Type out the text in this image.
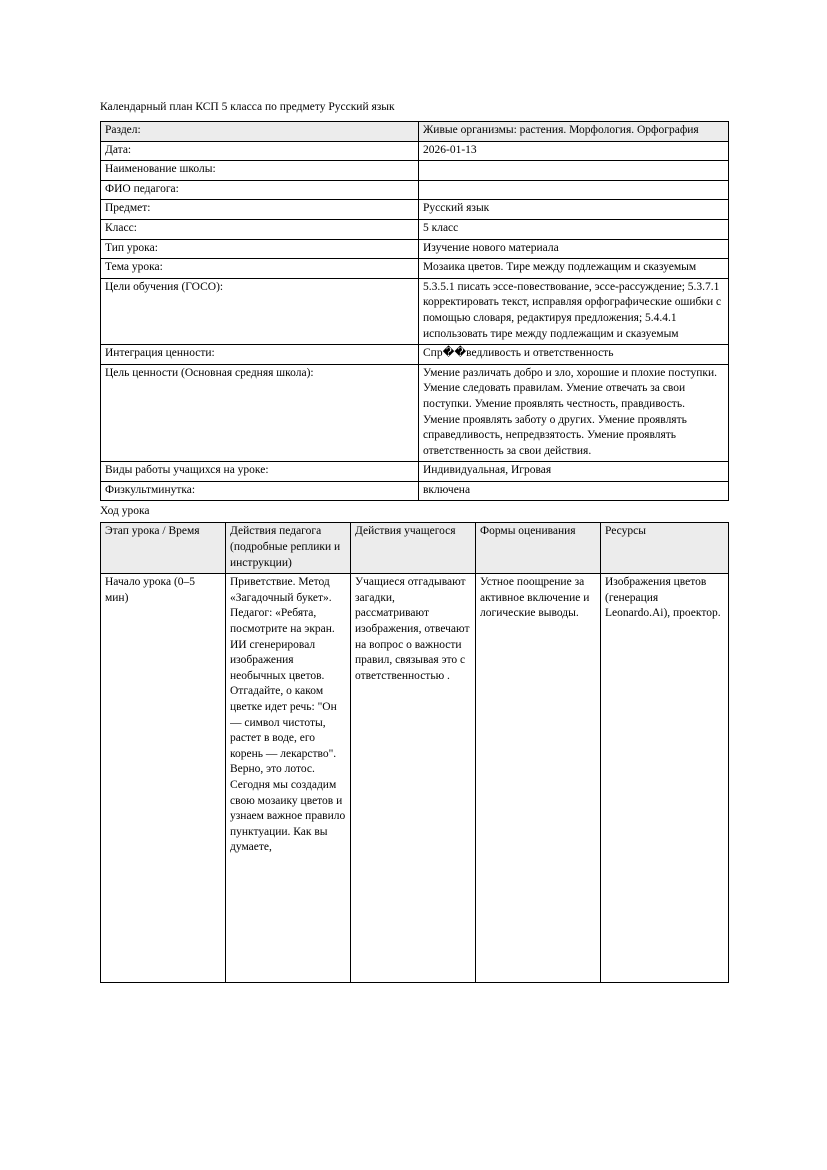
Календарный план КСП 5 класса по предмету Русский язык
Раздел:	Живые организмы: растения. Морфология. Орфография
Дата:	2026-01-13
Наименование школы:	
ФИО педагога:	
Предмет:	Русский язык
Класс:	5 класс
Тип урока:	Изучение нового материала
Тема урока:	Мозаика цветов. Тире между подлежащим и сказуемым
Цели обучения (ГОСО):	5.3.5.1 писать эссе-повествование, эссе-рассуждение; 5.3.7.1 корректировать текст, исправляя орфографические ошибки с помощью словаря, редактируя предложения; 5.4.4.1 использовать тире между подлежащим и сказуемым
Интеграция ценности:	Спр��ведливость и ответственность
Цель ценности (Основная средняя школа):	Умение различать добро и зло, хорошие и плохие поступки. Умение следовать правилам. Умение отвечать за свои поступки. Умение проявлять честность, правдивость. Умение проявлять заботу о других. Умение проявлять справедливость, непредвзятость. Умение проявлять ответственность за свои действия.
Виды работы учащихся на уроке:	Индивидуальная, Игровая
Физкультминутка:	включена
Ход урока
Этап урока / Время	Действия педагога (подробные реплики и инструкции)	Действия учащегося	Формы оценивания	Ресурсы

Начало урока (0–5 мин)	Приветствие. Метод «Загадочный букет». Педагог: «Ребята, посмотрите на экран. ИИ сгенерировал изображения необычных цветов. Отгадайте, о каком цветке идет речь: "Он — символ чистоты, растет в воде, его корень — лекарство". Верно, это лотос. Сегодня мы создадим свою мозаику цветов и узнаем важное правило пунктуации. Как вы думаете,	Учащиеся отгадывают загадки, рассматривают изображения, отвечают на вопрос о важности правил, связывая это с ответственностью .	Устное поощрение за активное включение и логические выводы.	Изображения цветов (генерация Leonardo.Ai), проектор.
